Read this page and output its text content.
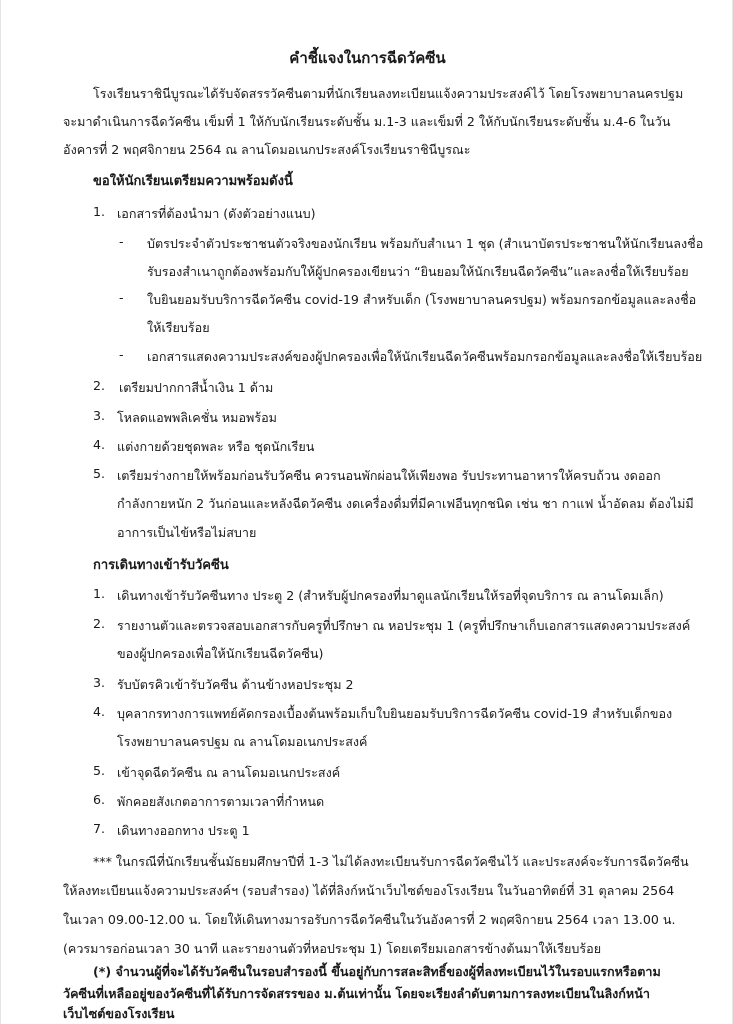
คำชี้แจงในการฉีดวัคซีน
โรงเรียนราชินีบูรณะได้รับจัดสรรวัคซีนตามที่นักเรียนลงทะเบียนแจ้งความประสงค์ไว้ โดยโรงพยาบาลนครปฐม
จะมาดำเนินการฉีดวัคซีน เข็มที่ 1 ให้กับนักเรียนระดับชั้น ม.1-3 และเข็มที่ 2 ให้กับนักเรียนระดับชั้น ม.4-6 ในวัน
อังคารที่ 2 พฤศจิกายน 2564 ณ ลานโดมอเนกประสงค์โรงเรียนราชินีบูรณะ
ขอให้นักเรียนเตรียมความพร้อมดังนี้
1. เอกสารที่ต้องนำมา (ดังตัวอย่างแนบ)
- บัตรประจำตัวประชาชนตัวจริงของนักเรียน พร้อมกับสำเนา 1 ชุด (สำเนาบัตรประชาชนให้นักเรียนลงชื่อ
รับรองสำเนาถูกต้องพร้อมกับให้ผู้ปกครองเขียนว่า “ยินยอมให้นักเรียนฉีดวัคซีน”และลงชื่อให้เรียบร้อย
- ใบยินยอมรับบริการฉีดวัคซีน covid-19 สำหรับเด็ก (โรงพยาบาลนครปฐม) พร้อมกรอกข้อมูลและลงชื่อ
ให้เรียบร้อย
- เอกสารแสดงความประสงค์ของผู้ปกครองเพื่อให้นักเรียนฉีดวัคซีนพร้อมกรอกข้อมูลและลงชื่อให้เรียบร้อย
2. เตรียมปากกาสีน้ำเงิน 1 ด้าม
3. โหลดแอพพลิเคชั่น หมอพร้อม
4. แต่งกายด้วยชุดพละ หรือ ชุดนักเรียน
5. เตรียมร่างกายให้พร้อมก่อนรับวัคซีน ควรนอนพักผ่อนให้เพียงพอ รับประทานอาหารให้ครบถ้วน งดออก
กำลังกายหนัก 2 วันก่อนและหลังฉีดวัคซีน งดเครื่องดื่มที่มีคาเฟอีนทุกชนิด เช่น ชา กาแฟ น้ำอัดลม ต้องไม่มี
อาการเป็นไข้หรือไม่สบาย
การเดินทางเข้ารับวัคซีน
1. เดินทางเข้ารับวัคซีนทาง ประตู 2 (สำหรับผู้ปกครองที่มาดูแลนักเรียนให้รอที่จุดบริการ ณ ลานโดมเล็ก)
2. รายงานตัวและตรวจสอบเอกสารกับครูที่ปรึกษา ณ หอประชุม 1 (ครูที่ปรึกษาเก็บเอกสารแสดงความประสงค์
ของผู้ปกครองเพื่อให้นักเรียนฉีดวัคซีน)
3. รับบัตรคิวเข้ารับวัคซีน ด้านข้างหอประชุม 2
4. บุคลากรทางการแพทย์คัดกรองเบื้องต้นพร้อมเก็บใบยินยอมรับบริการฉีดวัคซีน covid-19 สำหรับเด็กของ
โรงพยาบาลนครปฐม ณ ลานโดมอเนกประสงค์
5. เข้าจุดฉีดวัคซีน ณ ลานโดมอเนกประสงค์
6. พักคอยสังเกตอาการตามเวลาที่กำหนด
7. เดินทางออกทาง ประตู 1
*** ในกรณีที่นักเรียนชั้นมัธยมศึกษาปีที่ 1-3 ไม่ได้ลงทะเบียนรับการฉีดวัคซีนไว้ และประสงค์จะรับการฉีดวัคซีน
ให้ลงทะเบียนแจ้งความประสงค์ฯ (รอบสำรอง) ได้ที่ลิงก์หน้าเว็บไซต์ของโรงเรียน ในวันอาทิตย์ที่ 31 ตุลาคม 2564
ในเวลา 09.00-12.00 น. โดยให้เดินทางมารอรับการฉีดวัคซีนในวันอังคารที่ 2 พฤศจิกายน 2564 เวลา 13.00 น.
(ควรมารอก่อนเวลา 30 นาที และรายงานตัวที่หอประชุม 1) โดยเตรียมเอกสารข้างต้นมาให้เรียบร้อย
(*) จำนวนผู้ที่จะได้รับวัคซีนในรอบสำรองนี้ ขึ้นอยู่กับการสละสิทธิ์ของผู้ที่ลงทะเบียนไว้ในรอบแรกหรือตาม
วัคซีนที่เหลืออยู่ของวัคซีนที่ได้รับการจัดสรรของ ม.ต้นเท่านั้น โดยจะเรียงลำดับตามการลงทะเบียนในลิงก์หน้า
เว็บไซต์ของโรงเรียน
